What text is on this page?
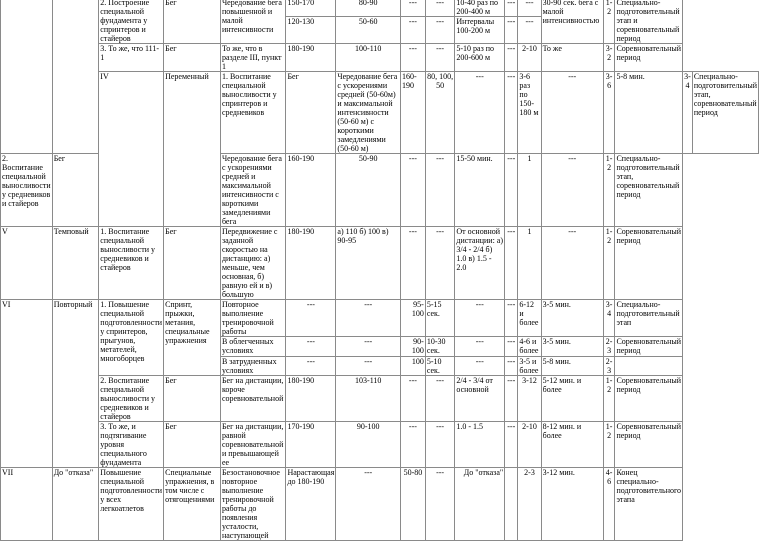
		2. Построение специальной фундамента у спринтеров и стайеров	Бег	Чередование бега повышенной и малой интенсивности	150-170	80-90	---	---	10-40 раз по 200-400 м	---	---	30-90 сек. бега с малой интенсивностью	1-2	Специально-подготовительный этап и соревновательный период		
					120-130	50-60	---	---	Интервалы 100-200 м	---	---					
		3. То же, что 111-1	Бег	То же, что в разделе III, пункт 1	180-190	100-110	---	---	5-10 раз по 200-600 м	---	2-10	То же	3-2	Соревновательный период		
		IV	Переменный	1. Воспитание специальной выносливости у спринтеров и средневиков	Бег	Чередование бега с ускорениями средней (50-60м) и максимальной интенсивности (50-60 м) с короткими замедлениями (50-60 м)	160-190	80, 100, 50	---	---	3-6 раз по 150-180 м	---	3-6	5-8 мин.	3-4	Специально-подготовительный этап, соревновательный период
2. Воспитание специальной выносливости у средневиков и стайеров	Бег			Чередование бега с ускорениями средней и максимальной интенсивности с короткими замедлениями бега	160-190	50-90	---	---	15-50 мин.	---	1	---	1-2	Специально-подготовительный этап, соревновательный период		
V	Темповый	1. Воспитание специальной выносливости у средневиков и стайеров	Бег	Передвижение с заданной скоростью на дистанцию: а) меньше, чем основная, б) равную ей и в) большую	180-190	а) 110 б) 100 в) 90-95	---	---	От основной дистанции: а) 3/4 - 2/4 б) 1.0 в) 1.5 - 2.0	---	1	---	1-2	Соревновательный период		
VI	Повторный	1. Повышение специальной подготовленности у спринтеров, прыгунов, метателей, многоборцев	Спринт, прыжки, метания, специальные упражнения	Повторное выполнение тренировочной работы	---	---	95-100	5-15 сек.	---	---	6-12 и более	3-5 мин.	3-4	Специально-подготовительный этап		
				В облегченных условиях	---	---	90-100	10-30 сек.	---	---	4-6 и более	3-5 мин.	2-3	Соревновательный период		
				В затрудненных условиях	---	---	100	5-10 сек.	---	---	3-5 и более	5-8 мин.	2-3			
		2. Воспитание специальной выносливости у средневиков и стайеров	Бег	Бег на дистанции, короче соревновательной	180-190	103-110	---	---	2/4 - 3/4 от основной	---	3-12	5-12 мин. и более	1-2	Соревновательный период		
		3. То же, и подтягивание уровня специального фундамента	Бег	Бег на дистанции, равной соревновательной и превышающей ее	170-190	90-100	---	---	1.0 - 1.5	---	2-10	8-12 мин. и более	1-2	Соревновательный период		
VII	До "отказа"	Повышение специальной подготовленности у всех легкоатлетов	Специальные упражнения, в том числе с отягощениями	Безостановочное повторное выполнение тренировочной работы до появления усталости, наступающей	Нарастающая до 180-190	---	50-80	---	До "отказа"		2-3	3-12 мин.	4-6	Конец специально-подготовительного этапа		
